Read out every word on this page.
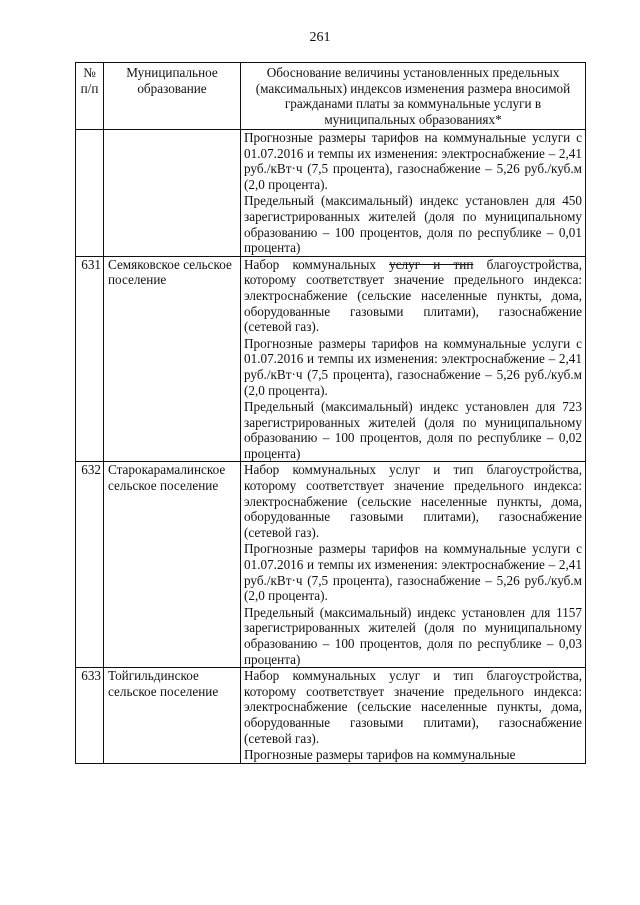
261
№ п/п	Муниципальное образование	Обоснование величины установленных предельных (максимальных) индексов изменения размера вносимой гражданами платы за коммунальные услуги в муниципальных образованиях*

		Прогнозные размеры тарифов на коммунальные услуги с 01.07.2016 и темпы их изменения: электроснабжение – 2,41 руб./кВт·ч (7,5 процента), газоснабжение – 5,26 руб./куб.м (2,0 процента).
Предельный (максимальный) индекс установлен для 450 зарегистрированных жителей (доля по муниципальному образованию – 100 процентов, доля по республике – 0,01 процента)

631	Семяковское сельское поселение	Набор коммунальных услуг и тип благоустройства, которому соответствует значение предельного индекса: электроснабжение (сельские населенные пункты, дома, оборудованные газовыми плитами), газоснабжение (сетевой газ).
Прогнозные размеры тарифов на коммунальные услуги с 01.07.2016 и темпы их изменения: электроснабжение – 2,41 руб./кВт·ч (7,5 процента), газоснабжение – 5,26 руб./куб.м (2,0 процента).
Предельный (максимальный) индекс установлен для 723 зарегистрированных жителей (доля по муниципальному образованию – 100 процентов, доля по республике – 0,02 процента)

632	Старокарамалинское сельское поселение	Набор коммунальных услуг и тип благоустройства, которому соответствует значение предельного индекса: электроснабжение (сельские населенные пункты, дома, оборудованные газовыми плитами), газоснабжение (сетевой газ).
Прогнозные размеры тарифов на коммунальные услуги с 01.07.2016 и темпы их изменения: электроснабжение – 2,41 руб./кВт·ч (7,5 процента), газоснабжение – 5,26 руб./куб.м (2,0 процента).
Предельный (максимальный) индекс установлен для 1157 зарегистрированных жителей (доля по муниципальному образованию – 100 процентов, доля по республике – 0,03 процента)

633	Тойгильдинское сельское поселение	Набор коммунальных услуг и тип благоустройства, которому соответствует значение предельного индекса: электроснабжение (сельские населенные пункты, дома, оборудованные газовыми плитами), газоснабжение (сетевой газ).
Прогнозные размеры тарифов на коммунальные
